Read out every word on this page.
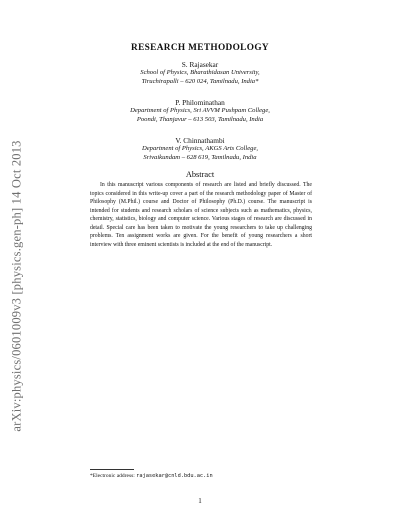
arXiv:physics/0601009v3 [physics.gen-ph] 14 Oct 2013
RESEARCH METHODOLOGY
S. Rajasekar
School of Physics, Bharathidasan University,
Tiruchirapalli – 620 024, Tamilnadu, India*
P. Philominathan
Department of Physics, Sri AVVM Pushpam College,
Poondi, Thanjavur – 613 503, Tamilnadu, India
V. Chinnathambi
Department of Physics, AKGS Arts College,
Srivaikundam – 628 619, Tamilnadu, India
Abstract

In this manuscript various components of research are listed and briefly discussed. The topics considered in this write-up cover a part of the research methodology paper of Master of Philosophy (M.Phil.) course and Doctor of Philosophy (Ph.D.) course. The manuscript is intended for students and research scholars of science subjects such as mathematics, physics, chemistry, statistics, biology and computer science. Various stages of research are discussed in detail. Special care has been taken to motivate the young researchers to take up challenging problems. Ten assignment works are given. For the benefit of young researchers a short interview with three eminent scientists is included at the end of the manuscript.

*Electronic address: rajasekar@cnld.bdu.ac.in
1
